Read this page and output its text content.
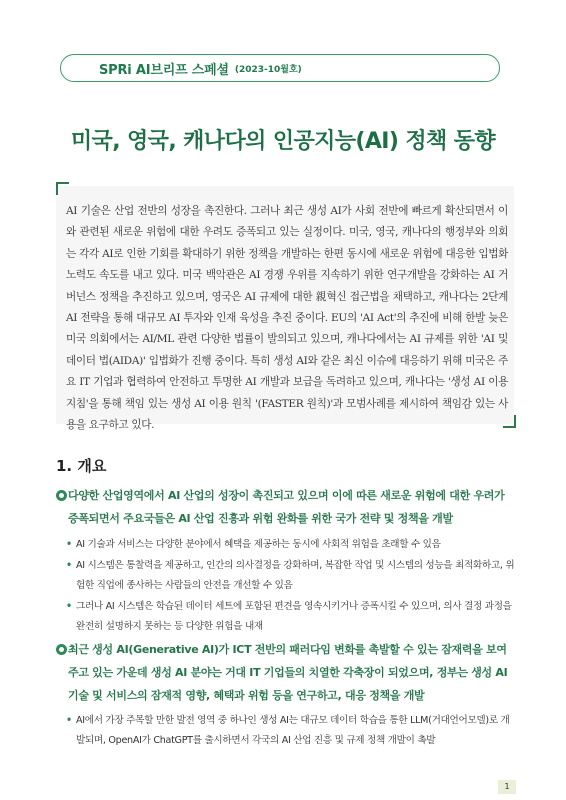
SPRi AI브리프 스페셜 (2023-10월호)
미국, 영국, 캐나다의 인공지능(AI) 정책 동향
AI 기술은 산업 전반의 성장을 촉진한다. 그러나 최근 생성 AI가 사회 전반에 빠르게 확산되면서 이와 관련된 새로운 위험에 대한 우려도 증폭되고 있는 실정이다. 미국, 영국, 캐나다의 행정부와 의회는 각각 AI로 인한 기회를 확대하기 위한 정책을 개발하는 한편 동시에 새로운 위험에 대응한 입법화 노력도 속도를 내고 있다. 미국 백악관은 AI 경쟁 우위를 지속하기 위한 연구개발을 강화하는 AI 거버넌스 정책을 추진하고 있으며, 영국은 AI 규제에 대한 親혁신 접근법을 채택하고, 캐나다는 2단계 AI 전략을 통해 대규모 AI 투자와 인재 육성을 추진 중이다. EU의 'AI Act'의 추진에 비해 한발 늦은 미국 의회에서는 AI/ML 관련 다양한 법률이 발의되고 있으며, 캐나다에서는 AI 규제를 위한 'AI 및 데이터 법(AIDA)' 입법화가 진행 중이다. 특히 생성 AI와 같은 최신 이슈에 대응하기 위해 미국은 주요 IT 기업과 협력하여 안전하고 투명한 AI 개발과 보급을 독려하고 있으며, 캐나다는 '생성 AI 이용 지침'을 통해 책임 있는 생성 AI 이용 원칙 '(FASTER 원칙)'과 모범사례를 제시하여 책임감 있는 사용을 요구하고 있다.
1. 개요
다양한 산업영역에서 AI 산업의 성장이 촉진되고 있으며 이에 따른 새로운 위험에 대한 우려가 증폭되면서 주요국들은 AI 산업 진흥과 위험 완화를 위한 국가 전략 및 정책을 개발
• AI 기술과 서비스는 다양한 분야에서 혜택을 제공하는 동시에 사회적 위험을 초래할 수 있음
• AI 시스템은 통찰력을 제공하고, 인간의 의사결정을 강화하며, 복잡한 작업 및 시스템의 성능을 최적화하고, 위험한 직업에 종사하는 사람들의 안전을 개선할 수 있음
• 그러나 AI 시스템은 학습된 데이터 세트에 포함된 편견을 영속시키거나 증폭시킬 수 있으며, 의사 결정 과정을 완전히 설명하지 못하는 등 다양한 위험을 내재
최근 생성 AI(Generative AI)가 ICT 전반의 패러다임 변화를 촉발할 수 있는 잠재력을 보여주고 있는 가운데 생성 AI 분야는 거대 IT 기업들의 치열한 각축장이 되었으며, 정부는 생성 AI 기술 및 서비스의 잠재적 영향, 혜택과 위험 등을 연구하고, 대응 정책을 개발
• AI에서 가장 주목할 만한 발전 영역 중 하나인 생성 AI는 대규모 데이터 학습을 통한 LLM(거대언어모델)로 개발되며, OpenAI가 ChatGPT를 출시하면서 각국의 AI 산업 진흥 및 규제 정책 개발이 촉발
1
